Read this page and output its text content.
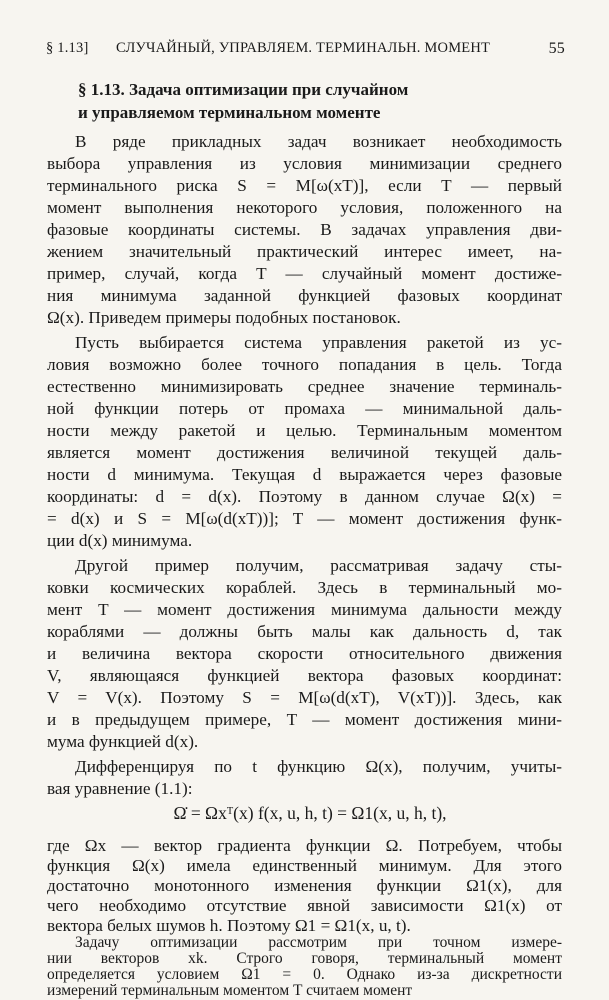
§ 1.13] СЛУЧАЙНЫЙ, УПРАВЛЯЕМ. ТЕРМИНАЛЬН. МОМЕНТ	55
§ 1.13. Задача оптимизации при случайном
и управляемом терминальном моменте
В ряде прикладных задач возникает необходимость
выбора управления из условия минимизации среднего
терминального риска S = M[ω(xT)], если T — первый
момент выполнения некоторого условия, положенного на
фазовые координаты системы. В задачах управления дви-
жением значительный практический интерес имеет, на-
пример, случай, когда T — случайный момент достиже-
ния минимума заданной функцией фазовых координат
Ω(x). Приведем примеры подобных постановок.
Пусть выбирается система управления ракетой из ус-
ловия возможно более точного попадания в цель. Тогда
естественно минимизировать среднее значение терминаль-
ной функции потерь от промаха — минимальной даль-
ности между ракетой и целью. Терминальным моментом
является момент достижения величиной текущей даль-
ности d минимума. Текущая d выражается через фазовые
координаты: d = d(x). Поэтому в данном случае Ω(x) =
= d(x) и S = M[ω(d(xT))]; T — момент достижения функ-
ции d(x) минимума.
Другой пример получим, рассматривая задачу сты-
ковки космических кораблей. Здесь в терминальный мо-
мент T — момент достижения минимума дальности между
кораблями — должны быть малы как дальность d, так
и величина вектора скорости относительного движения
V, являющаяся функцией вектора фазовых координат:
V = V(x). Поэтому S = M[ω(d(xT), V(xT))]. Здесь, как
и в предыдущем примере, T — момент достижения мини-
мума функцией d(x).
Дифференцируя по t функцию Ω(x), получим, учиты-
вая уравнение (1.1):
Ω̇ = Ωxᵀ(x) f(x, u, h, t) = Ω1(x, u, h, t),
где Ωx — вектор градиента функции Ω. Потребуем, чтобы
функция Ω(x) имела единственный минимум. Для этого
достаточно монотонного изменения функции Ω1(x), для
чего необходимо отсутствие явной зависимости Ω1(x) от
вектора белых шумов h. Поэтому Ω1 = Ω1(x, u, t).
Задачу оптимизации рассмотрим при точном измере-
нии векторов xk. Строго говоря, терминальный момент
определяется условием Ω1 = 0. Однако из-за дискретности
измерений терминальным моментом T считаем момент
